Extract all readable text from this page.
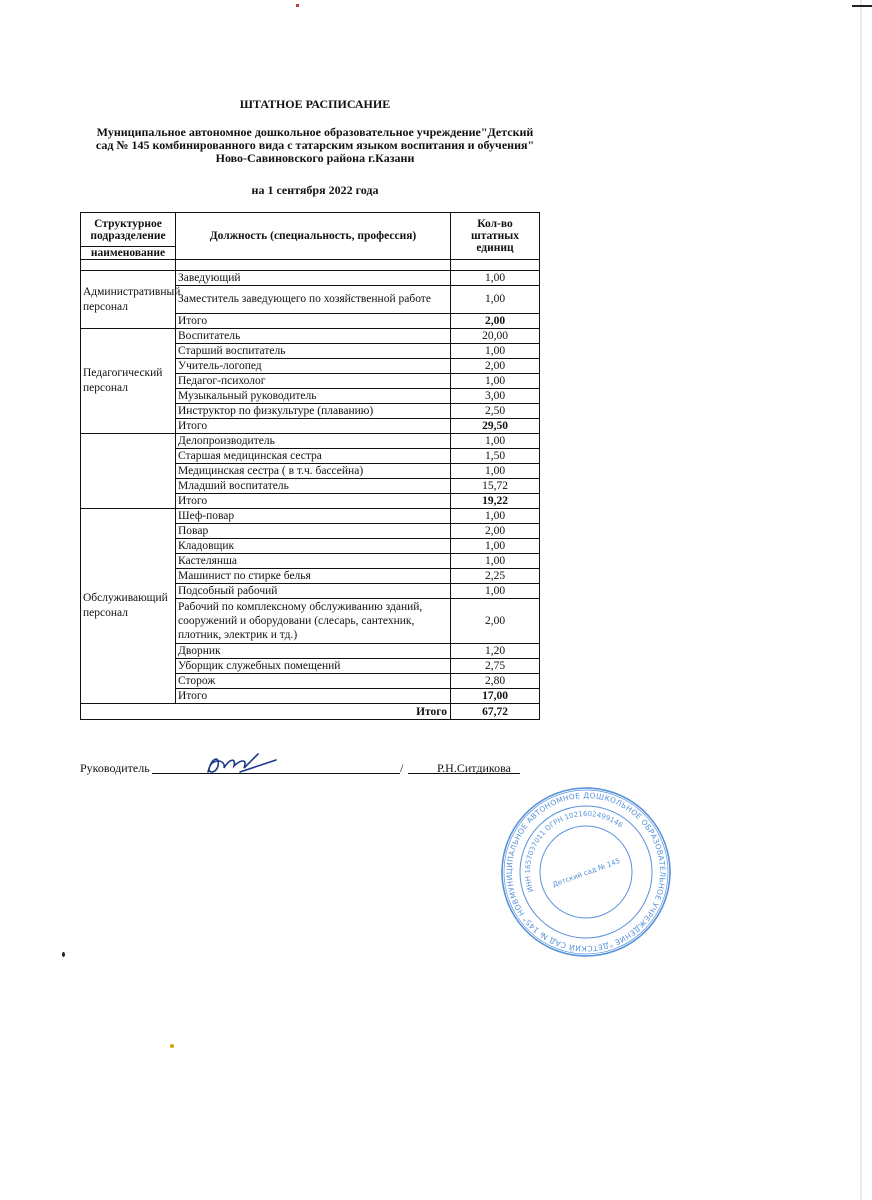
ШТАТНОЕ РАСПИСАНИЕ
Муниципальное автономное дошкольное образовательное учреждение"Детский
сад № 145 комбинированного вида с татарским языком воспитания и обучения"
Ново-Савиновского района г.Казани
на 1 сентября 2022 года
Структурное подразделение	Должность (специальность, профессия)	Кол-во штатных единиц
наименование		

Административный персонал	Заведующий	1,00
	Заместитель заведующего по хозяйственной работе	1,00
	Итого	2,00
Педагогический персонал	Воспитатель	20,00
	Старший воспитатель	1,00
	Учитель-логопед	2,00
	Педагог-психолог	1,00
	Музыкальный руководитель	3,00
	Инструктор по физкультуре (плаванию)	2,50
	Итого	29,50
	Делопроизводитель	1,00
	Старшая медицинская сестра	1,50
	Медицинская сестра ( в т.ч. бассейна)	1,00
	Младший воспитатель	15,72
	Итого	19,22
Обслуживающий персонал	Шеф-повар	1,00
	Повар	2,00
	Кладовщик	1,00
	Кастелянша	1,00
	Машинист по стирке белья	2,25
	Подсобный рабочий	1,00
	Рабочий по комплексному обслуживанию зданий, сооружений и оборудовани (слесарь, сантехник, плотник, электрик и тд.)	2,00
	Дворник	1,20
	Уборщик служебных помещений	2,75
	Сторож	2,80
	Итого	17,00
Итого		67,72
Руководитель	/	Р.Н.Ситдикова
МУНИЦИПАЛЬНОЕ АВТОНОМНОЕ ДОШКОЛЬНОЕ ОБРАЗОВАТЕЛЬНОЕ УЧРЕЖДЕНИЕ "ДЕТСКИЙ САД № 145" НОВО-САВИНОВСКОГО
ИНН 1657037011 ОГРН 1021602499146
Детский сад № 145
